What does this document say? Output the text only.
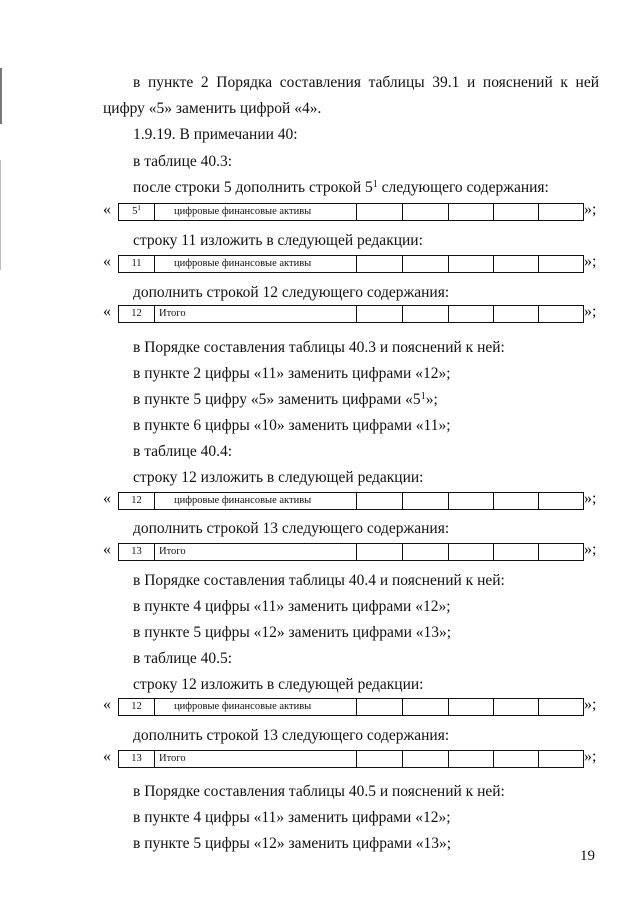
в пункте 2 Порядка составления таблицы 39.1 и пояснений к ней
цифру «5» заменить цифрой «4».
1.9.19. В примечании 40:
в таблице 40.3:
после строки 5 дополнить строкой $5^1$ следующего содержания:
«	$5^1$	цифровые финансовые активы	»;
строку 11 изложить в следующей редакции:
«	11	цифровые финансовые активы	»;
дополнить строкой 12 следующего содержания:
«	12	Итого	»;
в Порядке составления таблицы 40.3 и пояснений к ней:
в пункте 2 цифры «11» заменить цифрами «12»;
в пункте 5 цифру «5» заменить цифрами «$5^1$»;
в пункте 6 цифры «10» заменить цифрами «11»;
в таблице 40.4:
строку 12 изложить в следующей редакции:
«	12	цифровые финансовые активы	»;
дополнить строкой 13 следующего содержания:
«	13	Итого	»;
в Порядке составления таблицы 40.4 и пояснений к ней:
в пункте 4 цифры «11» заменить цифрами «12»;
в пункте 5 цифры «12» заменить цифрами «13»;
в таблице 40.5:
строку 12 изложить в следующей редакции:
«	12	цифровые финансовые активы	»;
дополнить строкой 13 следующего содержания:
«	13	Итого	»;
в Порядке составления таблицы 40.5 и пояснений к ней:
в пункте 4 цифры «11» заменить цифрами «12»;
в пункте 5 цифры «12» заменить цифрами «13»;
19
